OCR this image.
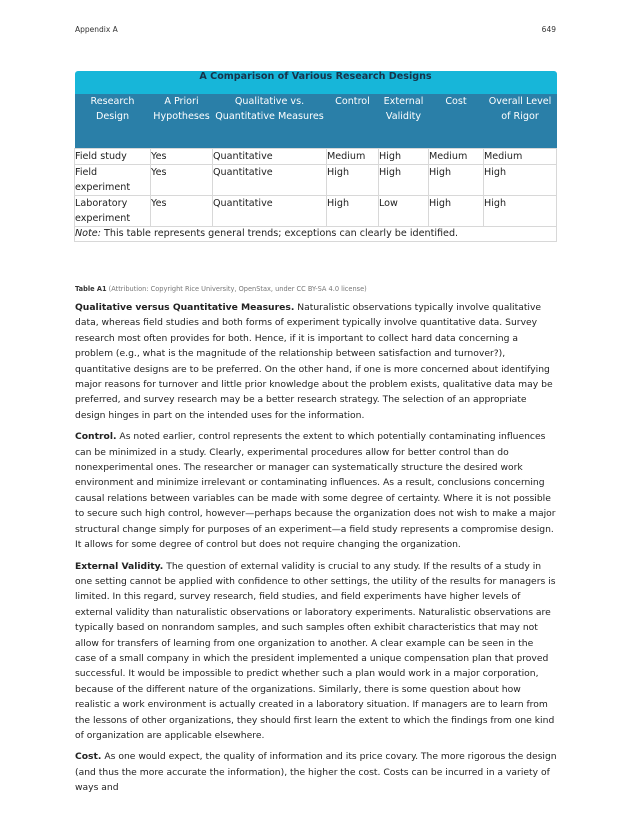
Appendix A	649
A Comparison of Various Research Designs						
Research Design	A Priori Hypotheses	Qualitative vs. Quantitative Measures	Control	External Validity	Cost	Overall Level of Rigor
Field study	Yes	Quantitative	Medium	High	Medium	Medium
Field experiment	Yes	Quantitative	High	High	High	High
Laboratory experiment	Yes	Quantitative	High	Low	High	High
Note: This table represents general trends; exceptions can clearly be identified.						
Table A1 (Attribution: Copyright Rice University, OpenStax, under CC BY-SA 4.0 license)

Qualitative versus Quantitative Measures. Naturalistic observations typically involve qualitative data, whereas field studies and both forms of experiment typically involve quantitative data. Survey research most often provides for both. Hence, if it is important to collect hard data concerning a problem (e.g., what is the magnitude of the relationship between satisfaction and turnover?), quantitative designs are to be preferred. On the other hand, if one is more concerned about identifying major reasons for turnover and little prior knowledge about the problem exists, qualitative data may be preferred, and survey research may be a better research strategy. The selection of an appropriate design hinges in part on the intended uses for the information.

Control. As noted earlier, control represents the extent to which potentially contaminating influences can be minimized in a study. Clearly, experimental procedures allow for better control than do nonexperimental ones. The researcher or manager can systematically structure the desired work environment and minimize irrelevant or contaminating influences. As a result, conclusions concerning causal relations between variables can be made with some degree of certainty. Where it is not possible to secure such high control, however—perhaps because the organization does not wish to make a major structural change simply for purposes of an experiment—a field study represents a compromise design. It allows for some degree of control but does not require changing the organization.

External Validity. The question of external validity is crucial to any study. If the results of a study in one setting cannot be applied with confidence to other settings, the utility of the results for managers is limited. In this regard, survey research, field studies, and field experiments have higher levels of external validity than naturalistic observations or laboratory experiments. Naturalistic observations are typically based on nonrandom samples, and such samples often exhibit characteristics that may not allow for transfers of learning from one organization to another. A clear example can be seen in the case of a small company in which the president implemented a unique compensation plan that proved successful. It would be impossible to predict whether such a plan would work in a major corporation, because of the different nature of the organizations. Similarly, there is some question about how realistic a work environment is actually created in a laboratory situation. If managers are to learn from the lessons of other organizations, they should first learn the extent to which the findings from one kind of organization are applicable elsewhere.

Cost. As one would expect, the quality of information and its price covary. The more rigorous the design (and thus the more accurate the information), the higher the cost. Costs can be incurred in a variety of ways and
